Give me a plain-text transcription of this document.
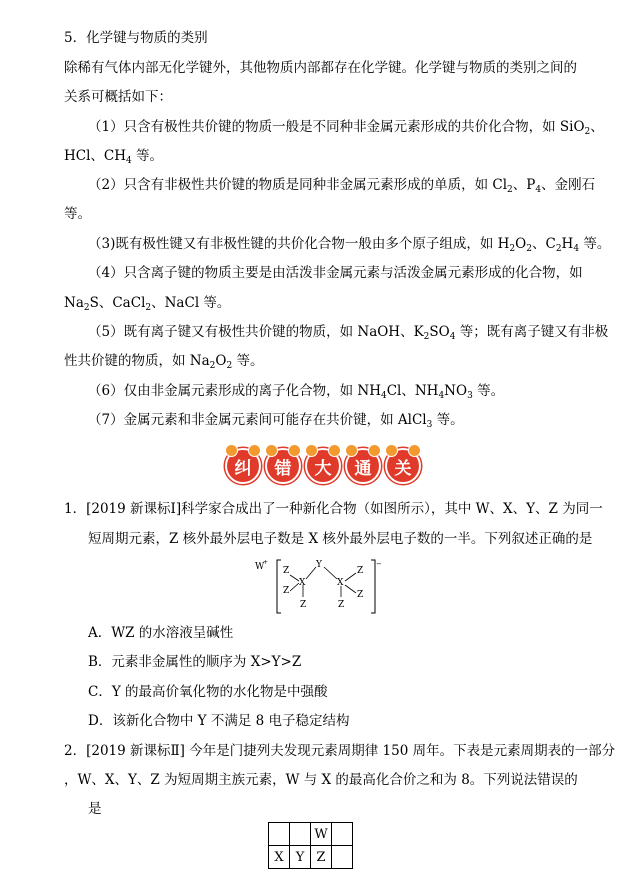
5．化学键与物质的类别
除稀有气体内部无化学键外，其他物质内部都存在化学键。化学键与物质的类别之间的
关系可概括如下：
（1）只含有极性共价键的物质一般是不同种非金属元素形成的共价化合物，如 SiO$_2$、
HCl、$CH_4$ 等。
（2）只含有非极性共价键的物质是同种非金属元素形成的单质，如 $Cl_2$、$P_4$、金刚石
等。
（3)既有极性键又有非极性键的共价化合物一般由多个原子组成，如 $H_2O_2$、$C_2H_4$ 等。
（4）只含离子键的物质主要是由活泼非金属元素与活泼金属元素形成的化合物，如
$Na_2S$、CaCl$_2$、NaCl 等。
（5）既有离子键又有极性共价键的物质，如 NaOH、$K_2SO_4$ 等；既有离子键又有非极
性共价键的物质，如 $Na_2O_2$ 等。
（6）仅由非金属元素形成的离子化合物，如 $NH_4Cl$、$NH_4NO_3$ 等。
（7）金属元素和非金属元素间可能存在共价键，如 AlCl$_3$ 等。
纠	错	大	通	关
1．[2019 新课标Ⅰ]科学家合成出了一种新化合物（如图所示），其中 W、X、Y、Z 为同一
短周期元素，Z 核外最外层电子数是 X 核外最外层电子数的一半。下列叙述正确的是
W
+	−
Z
Z
X
Z
Y
X
Z
Z
Z
A．WZ 的水溶液呈碱性
B．元素非金属性的顺序为 X>Y>Z
C．Y 的最高价氧化物的水化物是中强酸
D．该新化合物中 Y 不满足 8 电子稳定结构
2．[2019 新课标Ⅱ] 今年是门捷列夫发现元素周期律 150 周年。下表是元素周期表的一部分
，W、X、Y、Z 为短周期主族元素，W 与 X 的最高化合价之和为 8。下列说法错误的
是
		W	
X	Y	Z	
